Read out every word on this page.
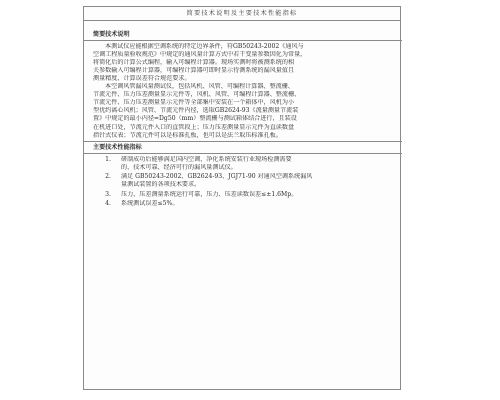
简要技术说明及主要技术性能指标
简要技术说明
本测试仪应能根据空调系统的特定边界条件，符GB50243-2002《通风与
空调工程质量验收规范》中规定的通风量计算方式中若干变量参数因化为常量，
将简化后的计算公式编程，输入可编程计算器。现场实测时将被测系统的相
关参数输入可编程计算器，可编程计算器可即时显示待测系统的漏风量值且
测量精度、计算误差符合规范要求。
本空调风管漏风量测试仪，包括风机、风管、可编程计算器、整流栅、
节流元件、压力压差测量显示元件等，风机、风管、可编程计算器、整流栅、
节流元件、压力压差测量显示元件等全部集中安装在一个箱体中，风机为小
型优约离心风机；风管、节流元件内径，选取GB2624-93《流量测量节流装
置》中规定的最小内径=Dg50（mm）整流栅与测试箱体结合进行，且装设
在机进口处，节流元件入口的直管段上；压力压差测量显示元件为直读数盘
指针式仪表；节流元件可以是标准孔板，也可以是法兰取压标准孔板。
主要技术性能指标
1.	研制成功后能够满足国内空调、净化系统安装行业现场检测需要
的、技术可靠、经济可行的漏风量测试仪。
2.	满足 GB50243-2002、GB2624-93、JGJ71-90 对通风空调系统漏风
量测试装置的各项技术要求。
3.	压力、压差测量系统运行可靠，压力、压差读数误差≤±1.6Mp。
4.	系统测试误差≤5%。
